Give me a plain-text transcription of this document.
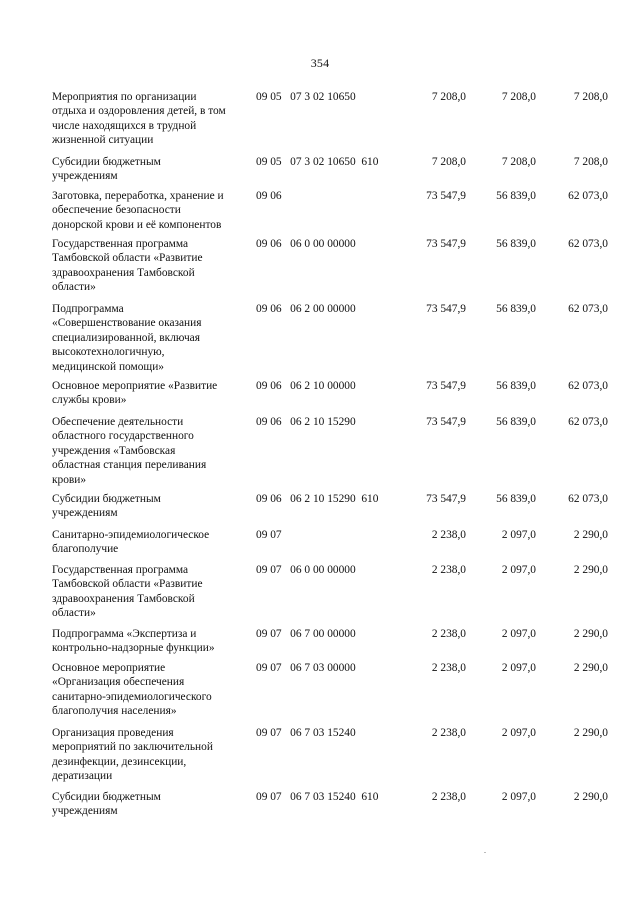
354
Мероприятия по организации
отдыха и оздоровления детей, в том
числе находящихся в трудной
жизненной ситуации
09 05   07 3 02 10650	7 208,0	7 208,0	7 208,0
Субсидии бюджетным
учреждениям
09 05   07 3 02 10650  610	7 208,0	7 208,0	7 208,0
Заготовка, переработка, хранение и
обеспечение безопасности
донорской крови и её компонентов
09 06	73 547,9	56 839,0	62 073,0
Государственная программа
Тамбовской области «Развитие
здравоохранения Тамбовской
области»
09 06   06 0 00 00000	73 547,9	56 839,0	62 073,0
Подпрограмма
«Совершенствование оказания
специализированной, включая
высокотехнологичную,
медицинской помощи»
09 06   06 2 00 00000	73 547,9	56 839,0	62 073,0
Основное мероприятие «Развитие
службы крови»
09 06   06 2 10 00000	73 547,9	56 839,0	62 073,0
Обеспечение деятельности
областного государственного
учреждения «Тамбовская
областная станция переливания
крови»
09 06   06 2 10 15290	73 547,9	56 839,0	62 073,0
Субсидии бюджетным
учреждениям
09 06   06 2 10 15290  610	73 547,9	56 839,0	62 073,0
Санитарно-эпидемиологическое
благополучие
09 07	2 238,0	2 097,0	2 290,0
Государственная программа
Тамбовской области «Развитие
здравоохранения Тамбовской
области»
09 07   06 0 00 00000	2 238,0	2 097,0	2 290,0
Подпрограмма «Экспертиза и
контрольно-надзорные функции»
09 07   06 7 00 00000	2 238,0	2 097,0	2 290,0
Основное мероприятие
«Организация обеспечения
санитарно-эпидемиологического
благополучия населения»
09 07   06 7 03 00000	2 238,0	2 097,0	2 290,0
Организация проведения
мероприятий по заключительной
дезинфекции, дезинсекции,
дератизации
09 07   06 7 03 15240	2 238,0	2 097,0	2 290,0
Субсидии бюджетным
учреждениям
09 07   06 7 03 15240  610	2 238,0	2 097,0	2 290,0
